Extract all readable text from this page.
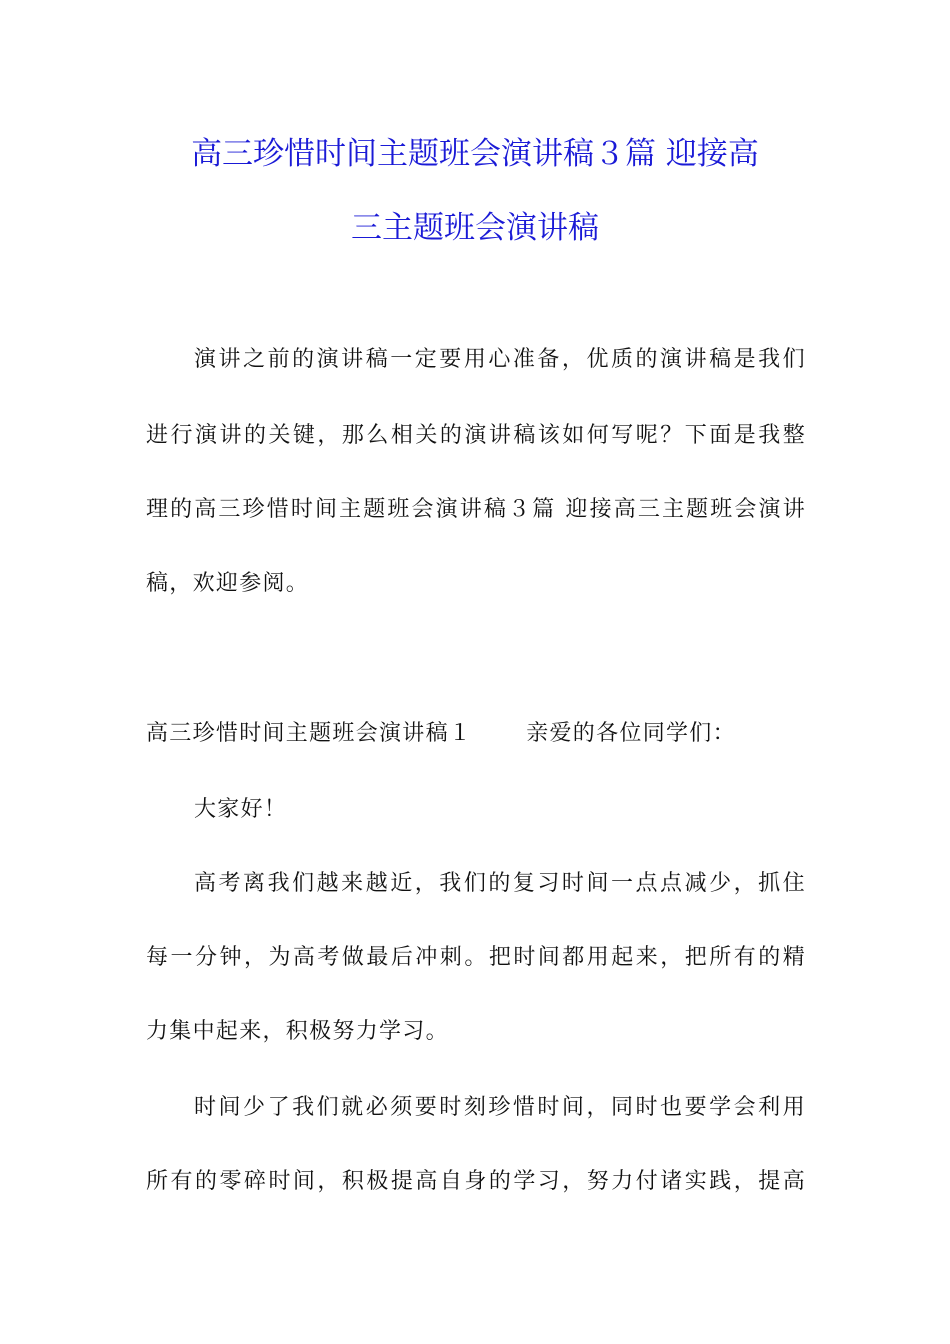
高三珍惜时间主题班会演讲稿３篇 迎接高
三主题班会演讲稿
演讲之前的演讲稿一定要用心准备，优质的演讲稿是我们
进行演讲的关键，那么相关的演讲稿该如何写呢？下面是我整
理的高三珍惜时间主题班会演讲稿３篇 迎接高三主题班会演讲
稿，欢迎参阅。
高三珍惜时间主题班会演讲稿１ 亲爱的各位同学们：
大家好！
高考离我们越来越近，我们的复习时间一点点减少，抓住
每一分钟，为高考做最后冲刺。把时间都用起来，把所有的精
力集中起来，积极努力学习。
时间少了我们就必须要时刻珍惜时间，同时也要学会利用
所有的零碎时间，积极提高自身的学习，努力付诸实践，提高
